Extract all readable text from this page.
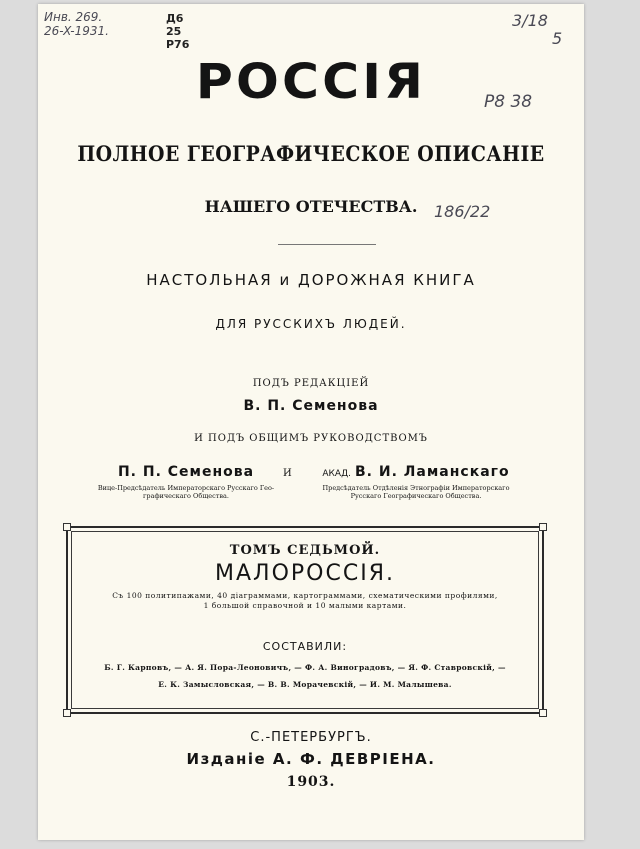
Инв. 269.
26-X-1931.
Д6
25
Р76
3/18
5
Р8 38
186/22
РОССІЯ
ПОЛНОЕ ГЕОГРАФИЧЕСКОЕ ОПИСАНІЕ
НАШЕГО ОТЕЧЕСТВА.
НАСТОЛЬНАЯ и ДОРОЖНАЯ КНИГА
ДЛЯ РУССКИХЪ ЛЮДЕЙ.
ПОДЪ РЕДАКЦІЕЙ
В. П. Семенова
И ПОДЪ ОБЩИМЪ РУКОВОДСТВОМЪ
П. П. Семенова
Вице-Предсѣдатель Императорскаго Русскаго Гео-
графическаго Общества.
И	АКАД. В. И. Ламанскаго
Предсѣдатель Отдѣленія Этнографіи Императорскаго
Русскаго Географическаго Общества.
ТОМЪ СЕДЬМОЙ.
МАЛОРОССІЯ.
Съ 100 политипажами, 40 діаграммами, картограммами, схематическими профилями,
1 большой справочной и 10 малыми картами.
СОСТАВИЛИ:
Б. Г. Карповъ, — А. Я. Пора-Леоновичъ, — Ф. А. Виноградовъ, — Я. Ф. Ставровскій, —
Е. К. Замысловская, — В. В. Морачевскій, — И. М. Малышева.
С.-ПЕТЕРБУРГЪ.
Изданіе А. Ф. ДЕВРІЕНА.
1903.
